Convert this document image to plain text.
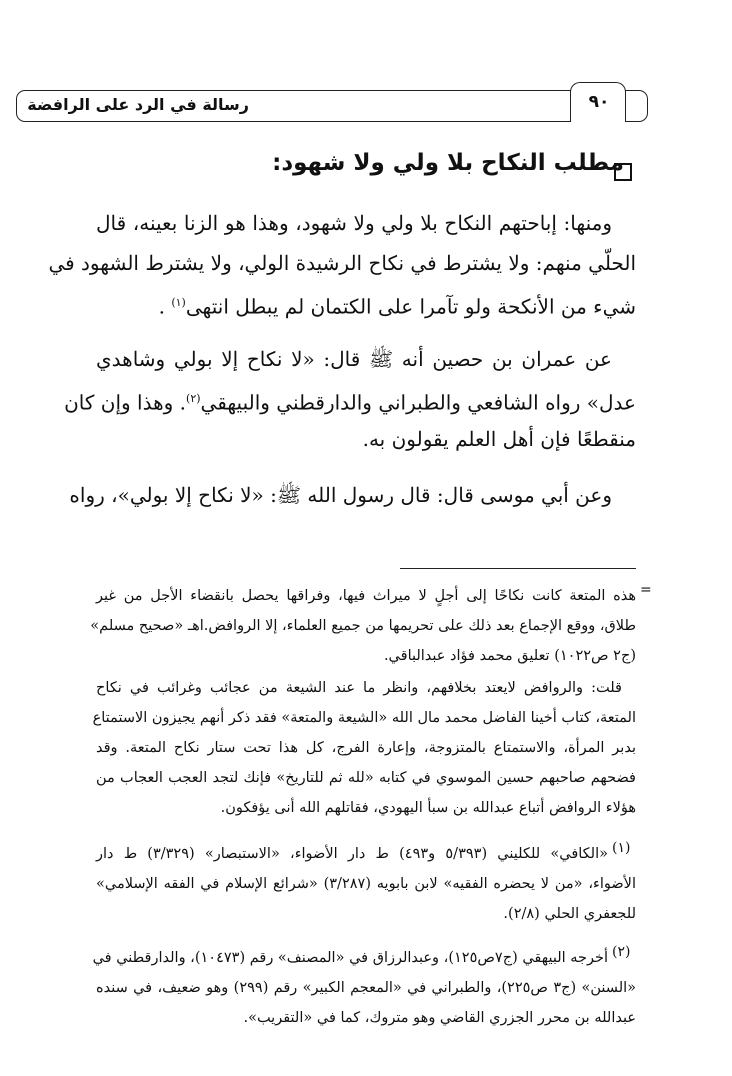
رسالة في الرد على الرافضة	٩٠
مطلب النكاح بلا ولي ولا شهود:
ومنها: إباحتهم النكاح بلا ولي ولا شهود، وهذا هو الزنا بعينه، قال
الحلّي منهم: ولا يشترط في نكاح الرشيدة الولي، ولا يشترط الشهود في
شيء من الأنكحة ولو تآمرا على الكتمان لم يبطل انتهى$^{(١)}$ .
عن عمران بن حصين أنه ﷺ قال: «لا نكاح إلا بولي وشاهدي
عدل» رواه الشافعي والطبراني والدارقطني والبيهقي$^{(٢)}$. وهذا وإن كان
منقطعًا فإن أهل العلم يقولون به.
وعن أبي موسى قال: قال رسول الله ﷺ: «لا نكاح إلا بولي»، رواه
=
هذه المتعة كانت نكاحًا إلى أجلٍ لا ميراث فيها، وفراقها يحصل بانقضاء الأجل من غير
طلاق، ووقع الإجماع بعد ذلك على تحريمها من جميع العلماء، إلا الروافض.اهـ «صحيح مسلم»
(ج٢ ص١٠٢٢) تعليق محمد فؤاد عبدالباقي.
قلت: والروافض لايعتد بخلافهم، وانظر ما عند الشيعة من عجائب وغرائب في نكاح
المتعة، كتاب أخينا الفاضل محمد مال الله «الشيعة والمتعة» فقد ذكر أنهم يجيزون الاستمتاع
بدبر المرأة، والاستمتاع بالمتزوجة، وإعارة الفرج، كل هذا تحت ستار نكاح المتعة. وقد
فضحهم صاحبهم حسين الموسوي في كتابه «لله ثم للتاريخ» فإنك لتجد العجب العجاب من
هؤلاء الروافض أتباع عبدالله بن سبأ اليهودي، فقاتلهم الله أنى يؤفكون.
(١)
«الكافي» للكليني (٥/٣٩٣ و٤٩٣) ط دار الأضواء، «الاستبصار» (٣/٣٢٩) ط دار
الأضواء، «من لا يحضره الفقيه» لابن بابويه (٣/٢٨٧) «شرائع الإسلام في الفقه الإسلامي»
للجعفري الحلي (٢/٨).
(٢)
أخرجه البيهقي (ج٧ص١٢٥)، وعبدالرزاق في «المصنف» رقم (١٠٤٧٣)، والدارقطني في
«السنن» (ج٣ ص٢٢٥)، والطبراني في «المعجم الكبير» رقم (٢٩٩) وهو ضعيف، في سنده
عبدالله بن محرر الجزري القاضي وهو متروك، كما في «التقريب».
